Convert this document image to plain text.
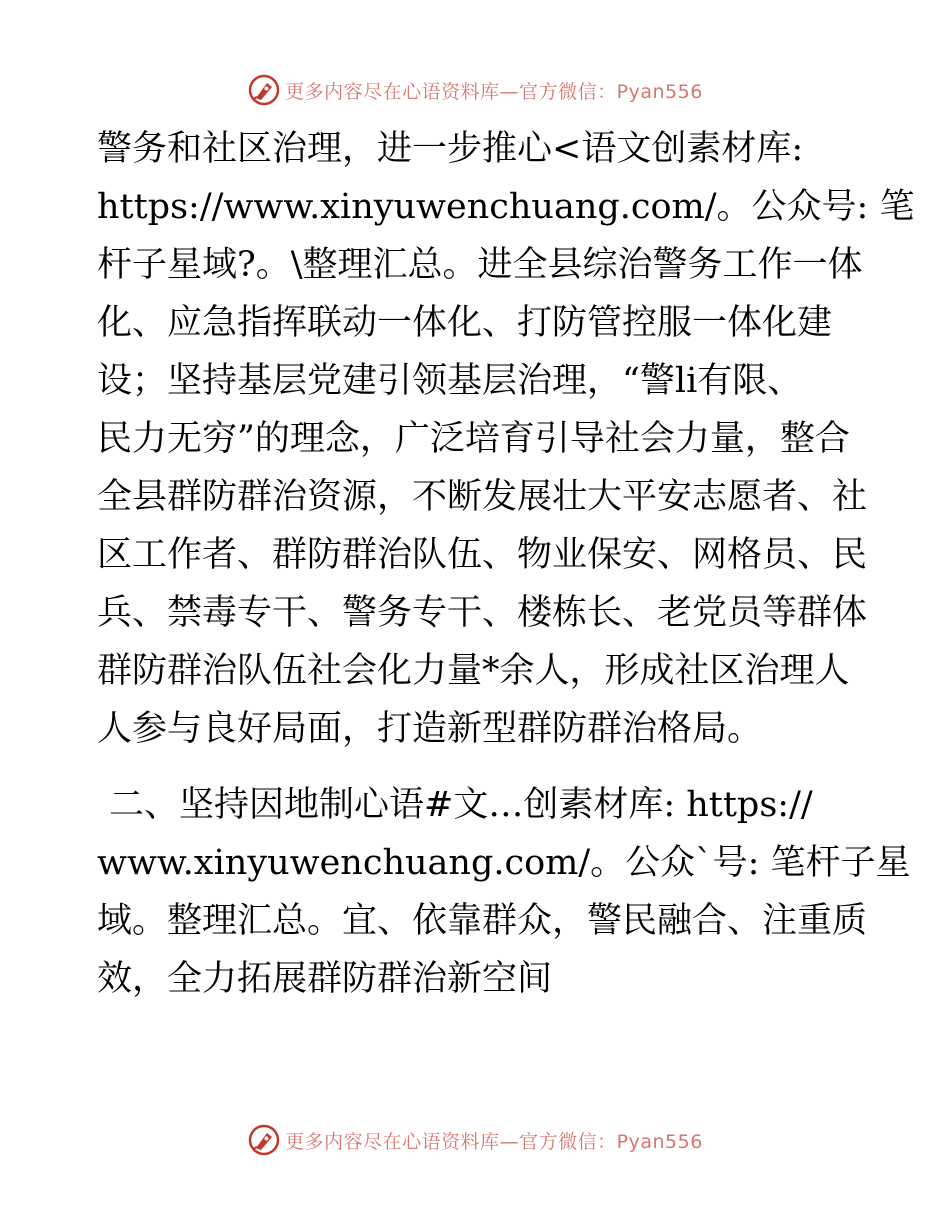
更多内容尽在心语资料库—官方微信：Pyan556
警务和社区治理，进一步推心<语文创素材库:
https://www.xinyuwenchuang.com/。公众号: 笔
杆子星域?。\整理汇总。进全县综治警务工作一体
化、应急指挥联动一体化、打防管控服一体化建
设；坚持基层党建引领基层治理，“警li有限、
民力无穷”的理念，广泛培育引导社会力量，整合
全县群防群治资源，不断发展壮大平安志愿者、社
区工作者、群防群治队伍、物业保安、网格员、民
兵、禁毒专干、警务专干、楼栋长、老党员等群体
群防群治队伍社会化力量*余人，形成社区治理人
人参与良好局面，打造新型群防群治格局。
二、坚持因地制心语#文…创素材库: https://
www.xinyuwenchuang.com/。公众`号: 笔杆子星
域。整理汇总。宜、依靠群众，警民融合、注重质
效，全力拓展群防群治新空间
更多内容尽在心语资料库—官方微信：Pyan556
